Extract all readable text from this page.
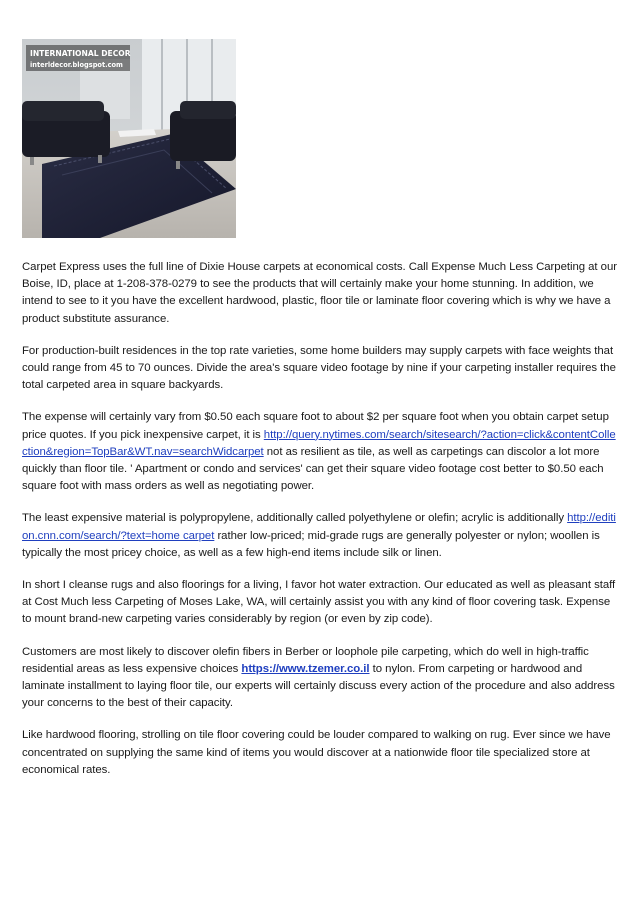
INTERNATIONAL DECOR
interldecor.blogspot.com

Carpet Express uses the full line of Dixie House carpets at economical costs. Call Expense Much Less Carpeting at our Boise, ID, place at 1-208-378-0279 to see the products that will certainly make your home stunning. In addition, we intend to see to it you have the excellent hardwood, plastic, floor tile or laminate floor covering which is why we have a product substitute assurance.

For production-built residences in the top rate varieties, some home builders may supply carpets with face weights that could range from 45 to 70 ounces. Divide the area's square video footage by nine if your carpeting installer requires the total carpeted area in square backyards.

The expense will certainly vary from $0.50 each square foot to about $2 per square foot when you obtain carpet setup price quotes. If you pick inexpensive carpet, it is http://query.nytimes.com/search/sitesearch/?action=click&contentCollection&region=TopBar&WT.nav=searchWidcarpet not as resilient as tile, as well as carpetings can discolor a lot more quickly than floor tile. ' Apartment or condo and services' can get their square video footage cost better to $0.50 each square foot with mass orders as well as negotiating power.

The least expensive material is polypropylene, additionally called polyethylene or olefin; acrylic is additionally http://edition.cnn.com/search/?text=home carpet rather low-priced; mid-grade rugs are generally polyester or nylon; woollen is typically the most pricey choice, as well as a few high-end items include silk or linen.

In short I cleanse rugs and also floorings for a living, I favor hot water extraction. Our educated as well as pleasant staff at Cost Much less Carpeting of Moses Lake, WA, will certainly assist you with any kind of floor covering task. Expense to mount brand-new carpeting varies considerably by region (or even by zip code).

Customers are most likely to discover olefin fibers in Berber or loophole pile carpeting, which do well in high-traffic residential areas as less expensive choices https://www.tzemer.co.il to nylon. From carpeting or hardwood and laminate installment to laying floor tile, our experts will certainly discuss every action of the procedure and also address your concerns to the best of their capacity.

Like hardwood flooring, strolling on tile floor covering could be louder compared to walking on rug. Ever since we have concentrated on supplying the same kind of items you would discover at a nationwide floor tile specialized store at economical rates.
